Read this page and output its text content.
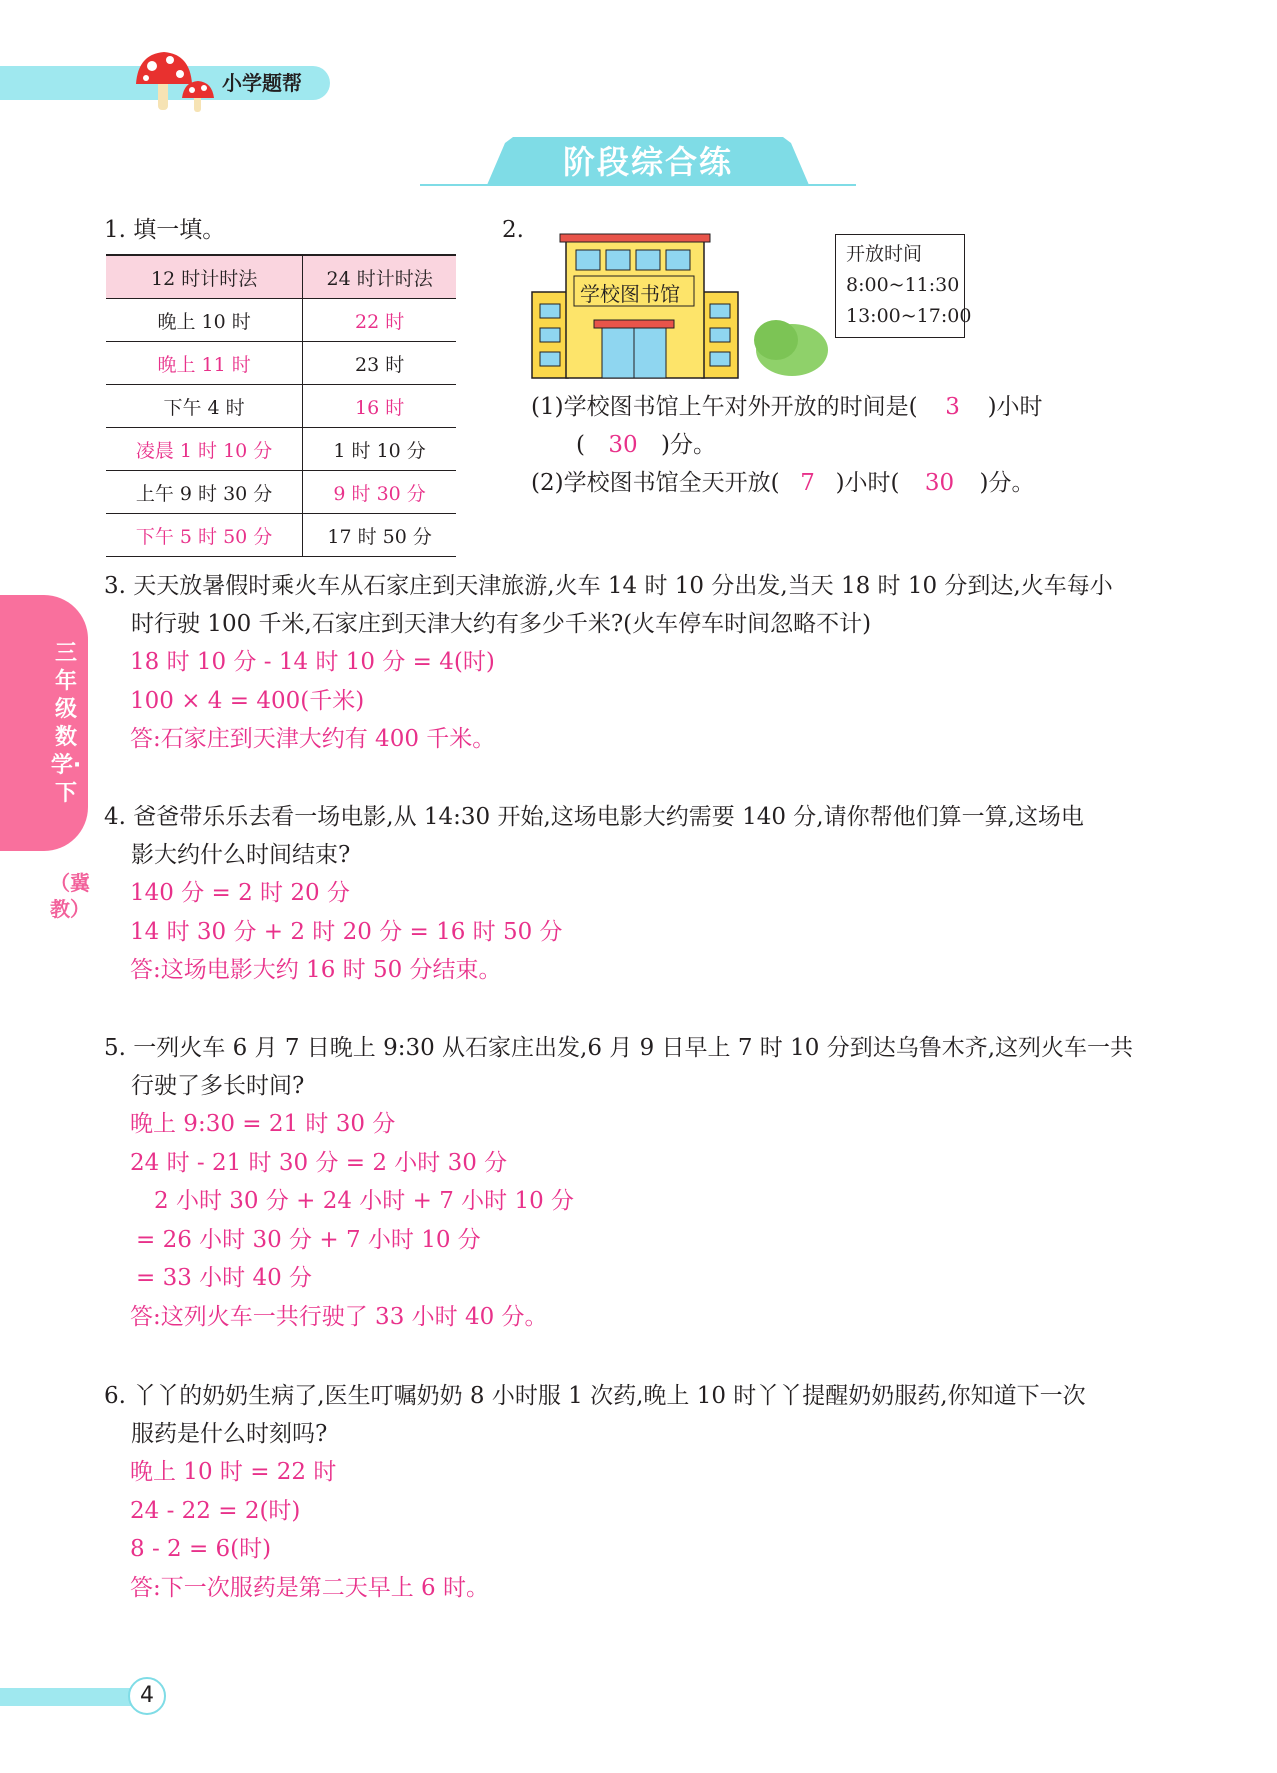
小学题帮
阶段综合练
三年级数学·下
（冀教）
1. 填一填。
12 时计时法	24 时计时法
晚上 10 时	22 时
晚上 11 时	23 时
下午 4 时	16 时
凌晨 1 时 10 分	1 时 10 分
上午 9 时 30 分	9 时 30 分
下午 5 时 50 分	17 时 50 分
2.
学校图书馆
开放时间
8:00~11:30
13:00~17:00
(1)学校图书馆上午对外开放的时间是( 3 )小时
( 30 )分。
(2)学校图书馆全天开放( 7 )小时( 30 )分。
3. 天天放暑假时乘火车从石家庄到天津旅游,火车 14 时 10 分出发,当天 18 时 10 分到达,火车每小
时行驶 100 千米,石家庄到天津大约有多少千米?(火车停车时间忽略不计)
18 时 10 分 - 14 时 10 分 = 4(时)
100 × 4 = 400(千米)
答:石家庄到天津大约有 400 千米。
4. 爸爸带乐乐去看一场电影,从 14:30 开始,这场电影大约需要 140 分,请你帮他们算一算,这场电
影大约什么时间结束?
140 分 = 2 时 20 分
14 时 30 分 + 2 时 20 分 = 16 时 50 分
答:这场电影大约 16 时 50 分结束。
5. 一列火车 6 月 7 日晚上 9:30 从石家庄出发,6 月 9 日早上 7 时 10 分到达乌鲁木齐,这列火车一共
行驶了多长时间?
晚上 9:30 = 21 时 30 分
24 时 - 21 时 30 分 = 2 小时 30 分
2 小时 30 分 + 24 小时 + 7 小时 10 分
= 26 小时 30 分 + 7 小时 10 分
= 33 小时 40 分
答:这列火车一共行驶了 33 小时 40 分。
6. 丫丫的奶奶生病了,医生叮嘱奶奶 8 小时服 1 次药,晚上 10 时丫丫提醒奶奶服药,你知道下一次
服药是什么时刻吗?
晚上 10 时 = 22 时
24 - 22 = 2(时)
8 - 2 = 6(时)
答:下一次服药是第二天早上 6 时。
4
